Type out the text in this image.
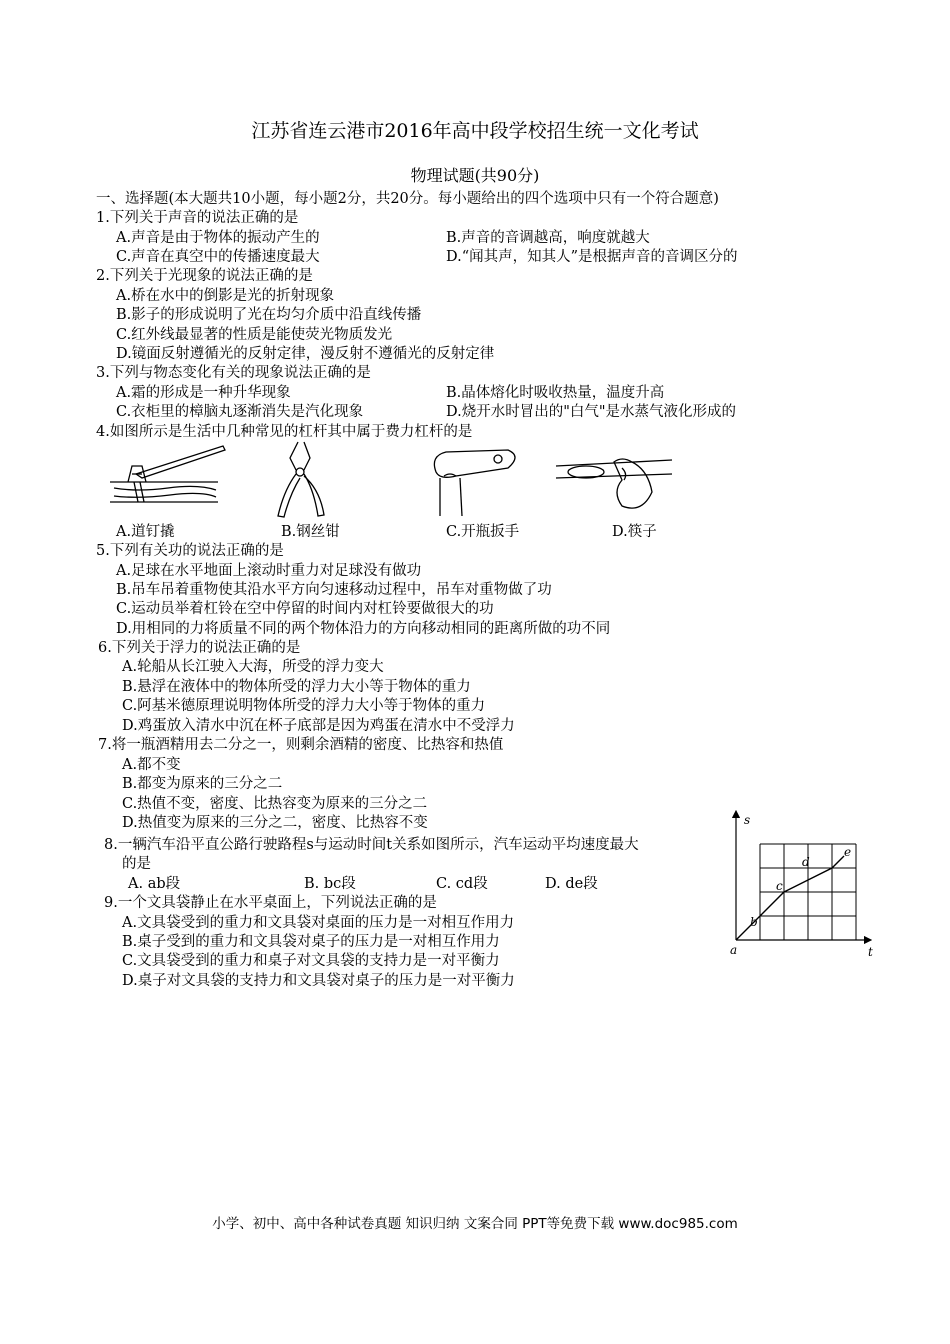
江苏省连云港市2016年高中段学校招生统一文化考试
物理试题(共90分)
一、选择题(本大题共10小题，每小题2分，共20分。每小题给出的四个选项中只有一个符合题意)
1.下列关于声音的说法正确的是
A.声音是由于物体的振动产生的	B.声音的音调越高，响度就越大
C.声音在真空中的传播速度最大	D.“闻其声，知其人”是根据声音的音调区分的
2.下列关于光现象的说法正确的是
A.桥在水中的倒影是光的折射现象
B.影子的形成说明了光在均匀介质中沿直线传播
C.红外线最显著的性质是能使荧光物质发光
D.镜面反射遵循光的反射定律，漫反射不遵循光的反射定律
3.下列与物态变化有关的现象说法正确的是
A.霜的形成是一种升华现象	B.晶体熔化时吸收热量，温度升高
C.衣柜里的樟脑丸逐渐消失是汽化现象	D.烧开水时冒出的"白气"是水蒸气液化形成的
4.如图所示是生活中几种常见的杠杆其中属于费力杠杆的是
A.道钉撬	B.钢丝钳	C.开瓶扳手	D.筷子
5.下列有关功的说法正确的是
A.足球在水平地面上滚动时重力对足球没有做功
B.吊车吊着重物使其沿水平方向匀速移动过程中，吊车对重物做了功
C.运动员举着杠铃在空中停留的时间内对杠铃要做很大的功
D.用相同的力将质量不同的两个物体沿力的方向移动相同的距离所做的功不同
6.下列关于浮力的说法正确的是
A.轮船从长江驶入大海，所受的浮力变大
B.悬浮在液体中的物体所受的浮力大小等于物体的重力
C.阿基米德原理说明物体所受的浮力大小等于物体的重力
D.鸡蛋放入清水中沉在杯子底部是因为鸡蛋在清水中不受浮力
7.将一瓶酒精用去二分之一，则剩余酒精的密度、比热容和热值
A.都不变
B.都变为原来的三分之二
C.热值不变，密度、比热容变为原来的三分之二
D.热值变为原来的三分之二，密度、比热容不变
8.一辆汽车沿平直公路行驶路程s与运动时间t关系如图所示，汽车运动平均速度最大
的是
A. ab段	B. bc段	C. cd段	D. de段
s
t
a
b
c
d
e
9.一个文具袋静止在水平桌面上，下列说法正确的是
A.文具袋受到的重力和文具袋对桌面的压力是一对相互作用力
B.桌子受到的重力和文具袋对桌子的压力是一对相互作用力
C.文具袋受到的重力和桌子对文具袋的支持力是一对平衡力
D.桌子对文具袋的支持力和文具袋对桌子的压力是一对平衡力
小学、初中、高中各种试卷真题 知识归纳 文案合同 PPT等免费下载 www.doc985.com
